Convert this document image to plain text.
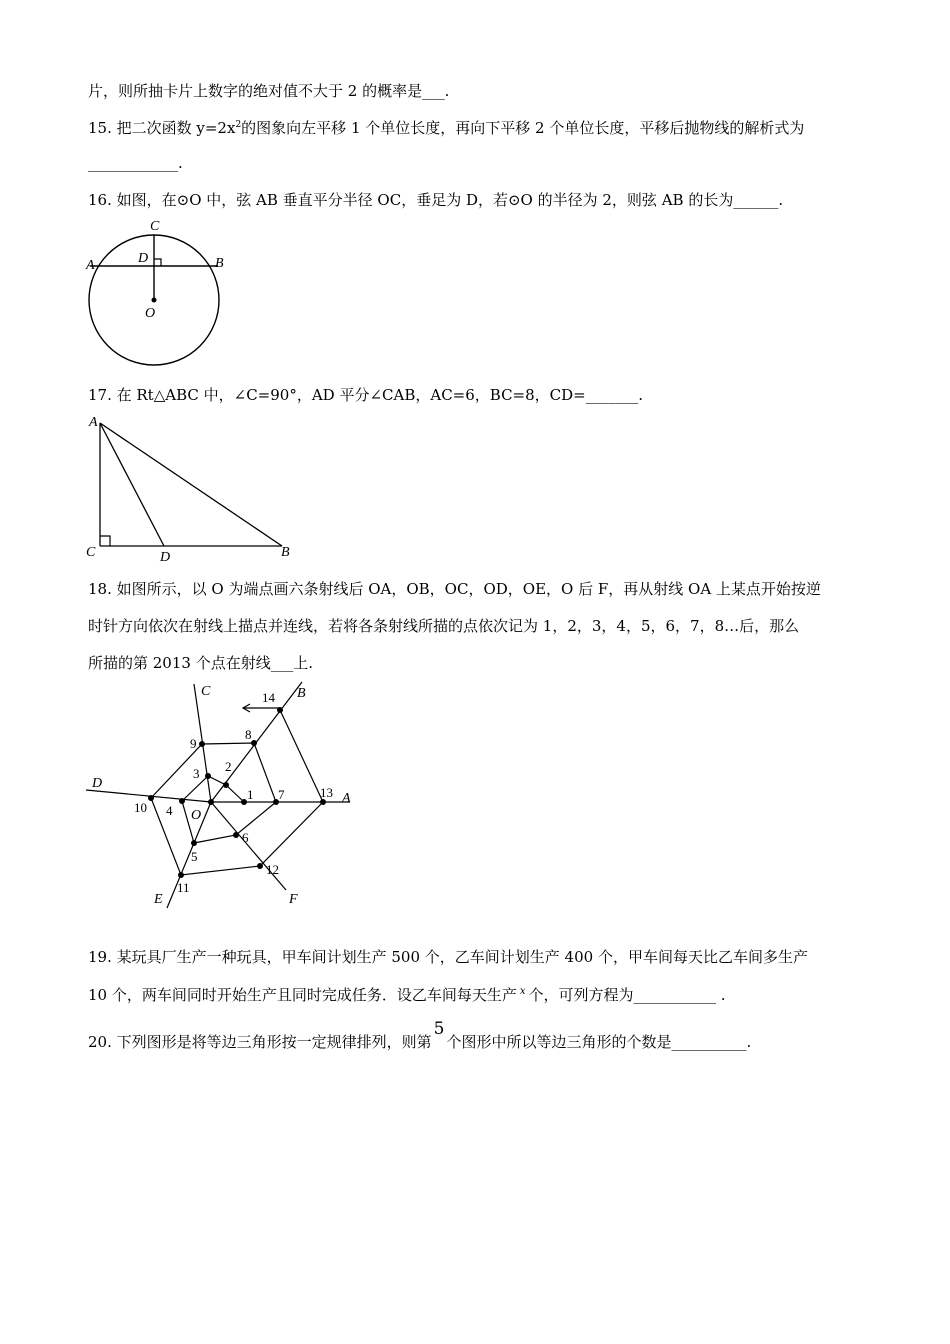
片，则所抽卡片上数字的绝对值不大于 2 的概率是___.
15. 把二次函数 $y=2x^2$的图象向左平移 1 个单位长度，再向下平移 2 个单位长度，平移后抛物线的解析式为
____________.
16. 如图，在⊙O 中，弦 AB 垂直平分半径 OC，垂足为 D，若⊙O 的半径为 2，则弦 AB 的长为______.
C
A	D	B
O
17. 在 Rt△ABC 中，∠C=90°，AD 平分∠CAB，AC=6，BC=8，CD=_______.
A
C	D	B
18. 如图所示，以 O 为端点画六条射线后 OA，OB，OC，OD，OE，O 后 F，再从射线 OA 上某点开始按逆
时针方向依次在射线上描点并连线，若将各条射线所描的点依次记为 1，2，3，4，5，6，7，8…后，那么
所描的第 2013 个点在射线___上.
1
2
3
4
5
6
7
8
9
10
11
12
13
14
A
B
C
D
E	F
O
19. 某玩具厂生产一种玩具，甲车间计划生产 500 个，乙车间计划生产 400 个，甲车间每天比乙车间多生产
10 个，两车间同时开始生产且同时完成任务．设乙车间每天生产 $^x$ 个，可列方程为___________ .
20. 下列图形是将等边三角形按一定规律排列，则第5个图形中所以等边三角形的个数是__________.
